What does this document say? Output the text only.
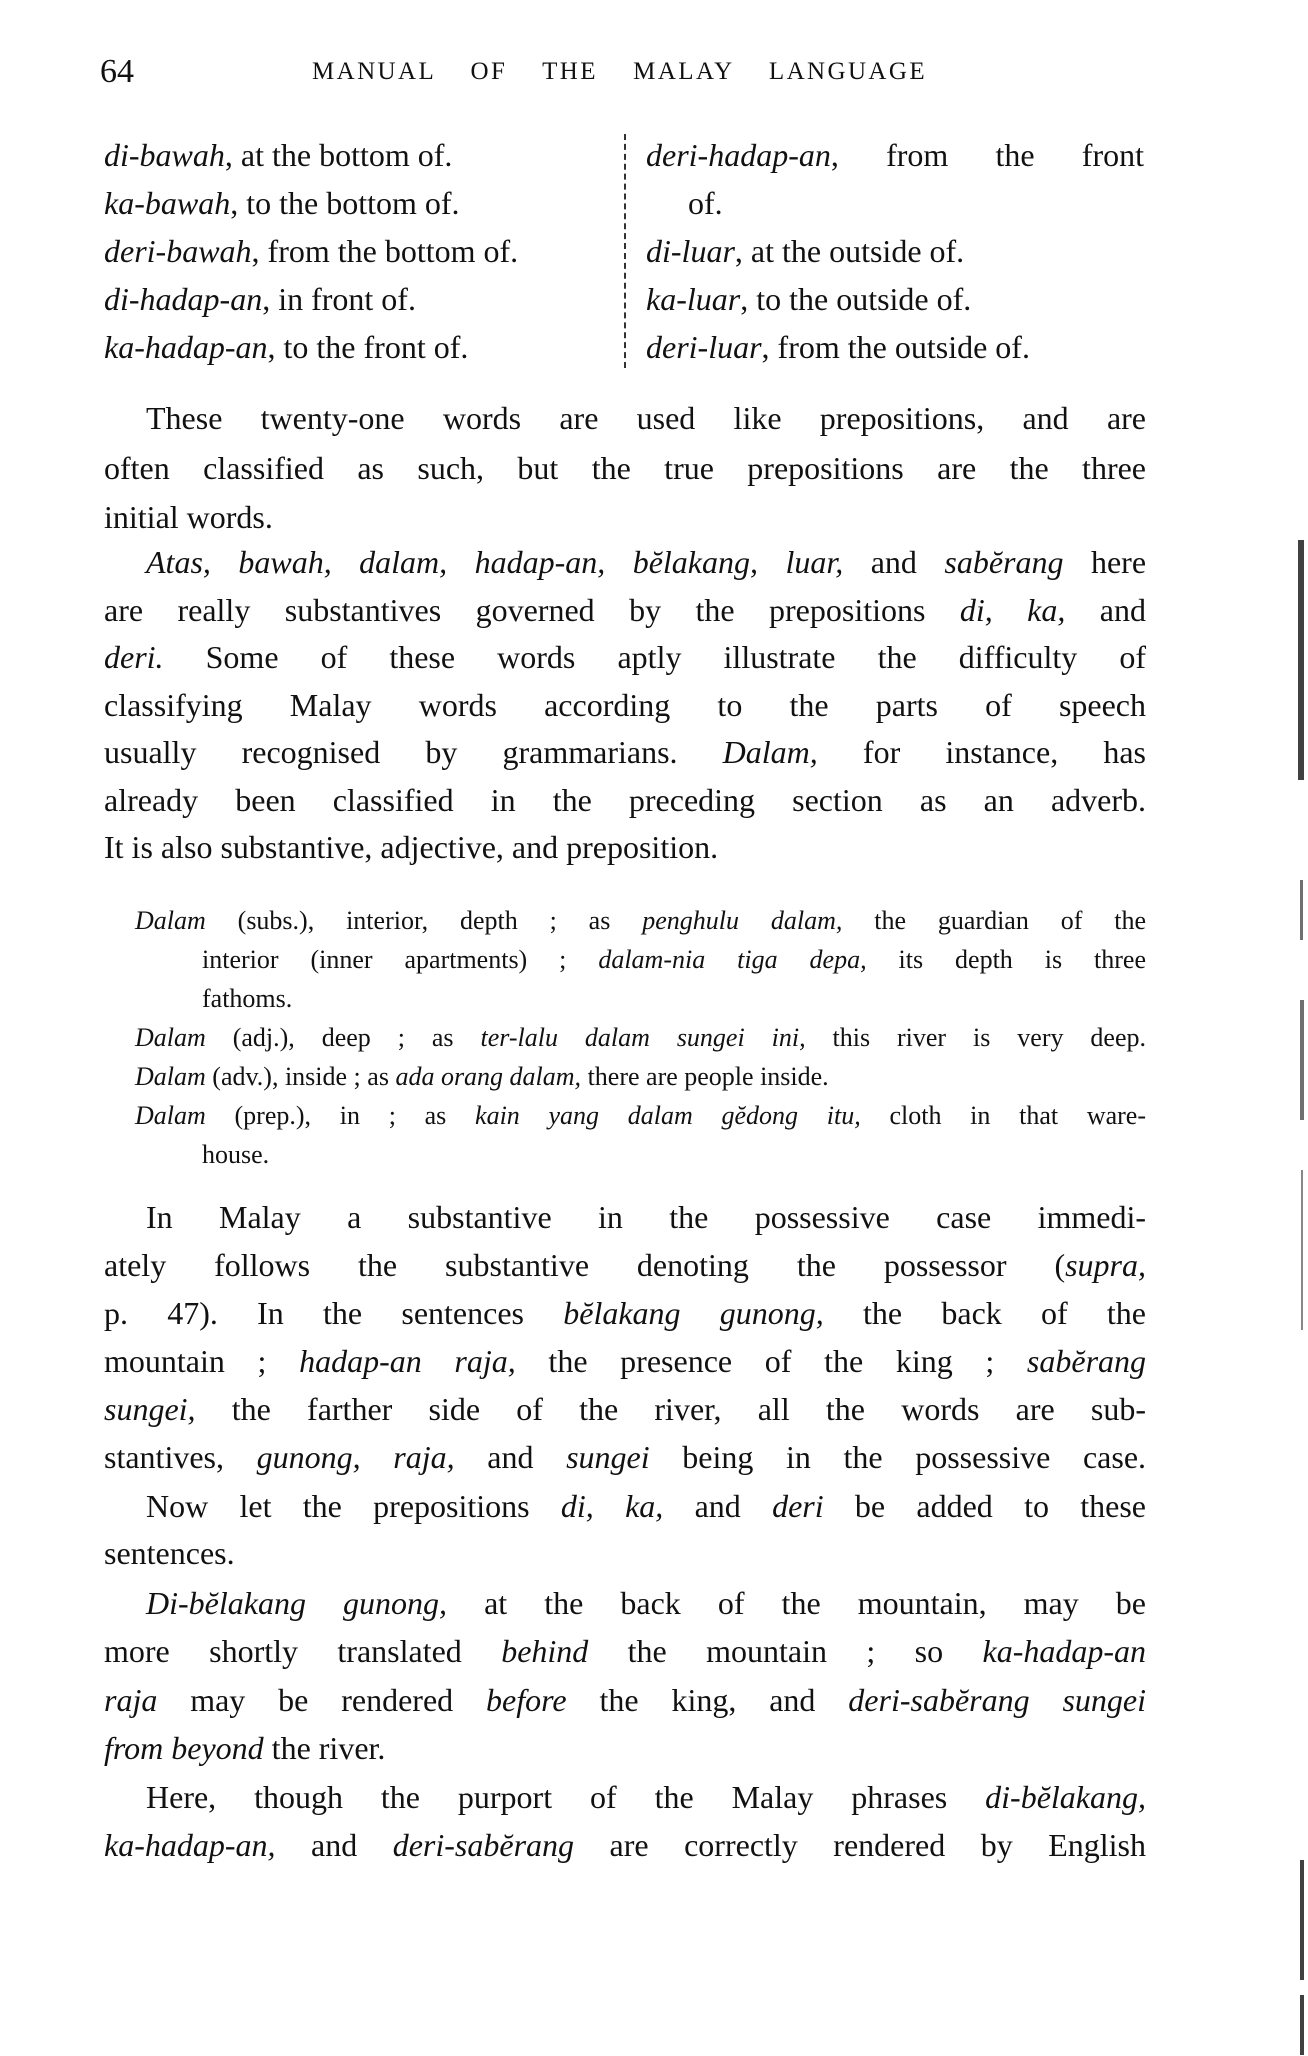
64	MANUAL OF THE MALAY LANGUAGE
di-bawah, at the bottom of.
ka-bawah, to the bottom of.
deri-bawah, from the bottom of.
di-hadap-an, in front of.
ka-hadap-an, to the front of.
deri-hadap-an, from the front
of.
di-luar, at the outside of.
ka-luar, to the outside of.
deri-luar, from the outside of.
These twenty-one words are used like prepositions, and are
often classified as such, but the true prepositions are the three
initial words.
Atas, bawah, dalam, hadap-an, bĕlakang, luar, and sabĕrang here
are really substantives governed by the prepositions di, ka, and
deri. Some of these words aptly illustrate the difficulty of
classifying Malay words according to the parts of speech
usually recognised by grammarians. Dalam, for instance, has
already been classified in the preceding section as an adverb.
It is also substantive, adjective, and preposition.
Dalam (subs.), interior, depth ; as penghulu dalam, the guardian of the
interior (inner apartments) ; dalam-nia tiga depa, its depth is three
fathoms.
Dalam (adj.), deep ; as ter-lalu dalam sungei ini, this river is very deep.
Dalam (adv.), inside ; as ada orang dalam, there are people inside.
Dalam (prep.), in ; as kain yang dalam gĕdong itu, cloth in that ware-
house.
In Malay a substantive in the possessive case immedi-
ately follows the substantive denoting the possessor (supra,
p. 47). In the sentences bĕlakang gunong, the back of the
mountain ; hadap-an raja, the presence of the king ; sabĕrang
sungei, the farther side of the river, all the words are sub-
stantives, gunong, raja, and sungei being in the possessive case.
Now let the prepositions di, ka, and deri be added to these
sentences.
Di-bĕlakang gunong, at the back of the mountain, may be
more shortly translated behind the mountain ; so ka-hadap-an
raja may be rendered before the king, and deri-sabĕrang sungei
from beyond the river.
Here, though the purport of the Malay phrases di-bĕlakang,
ka-hadap-an, and deri-sabĕrang are correctly rendered by English
